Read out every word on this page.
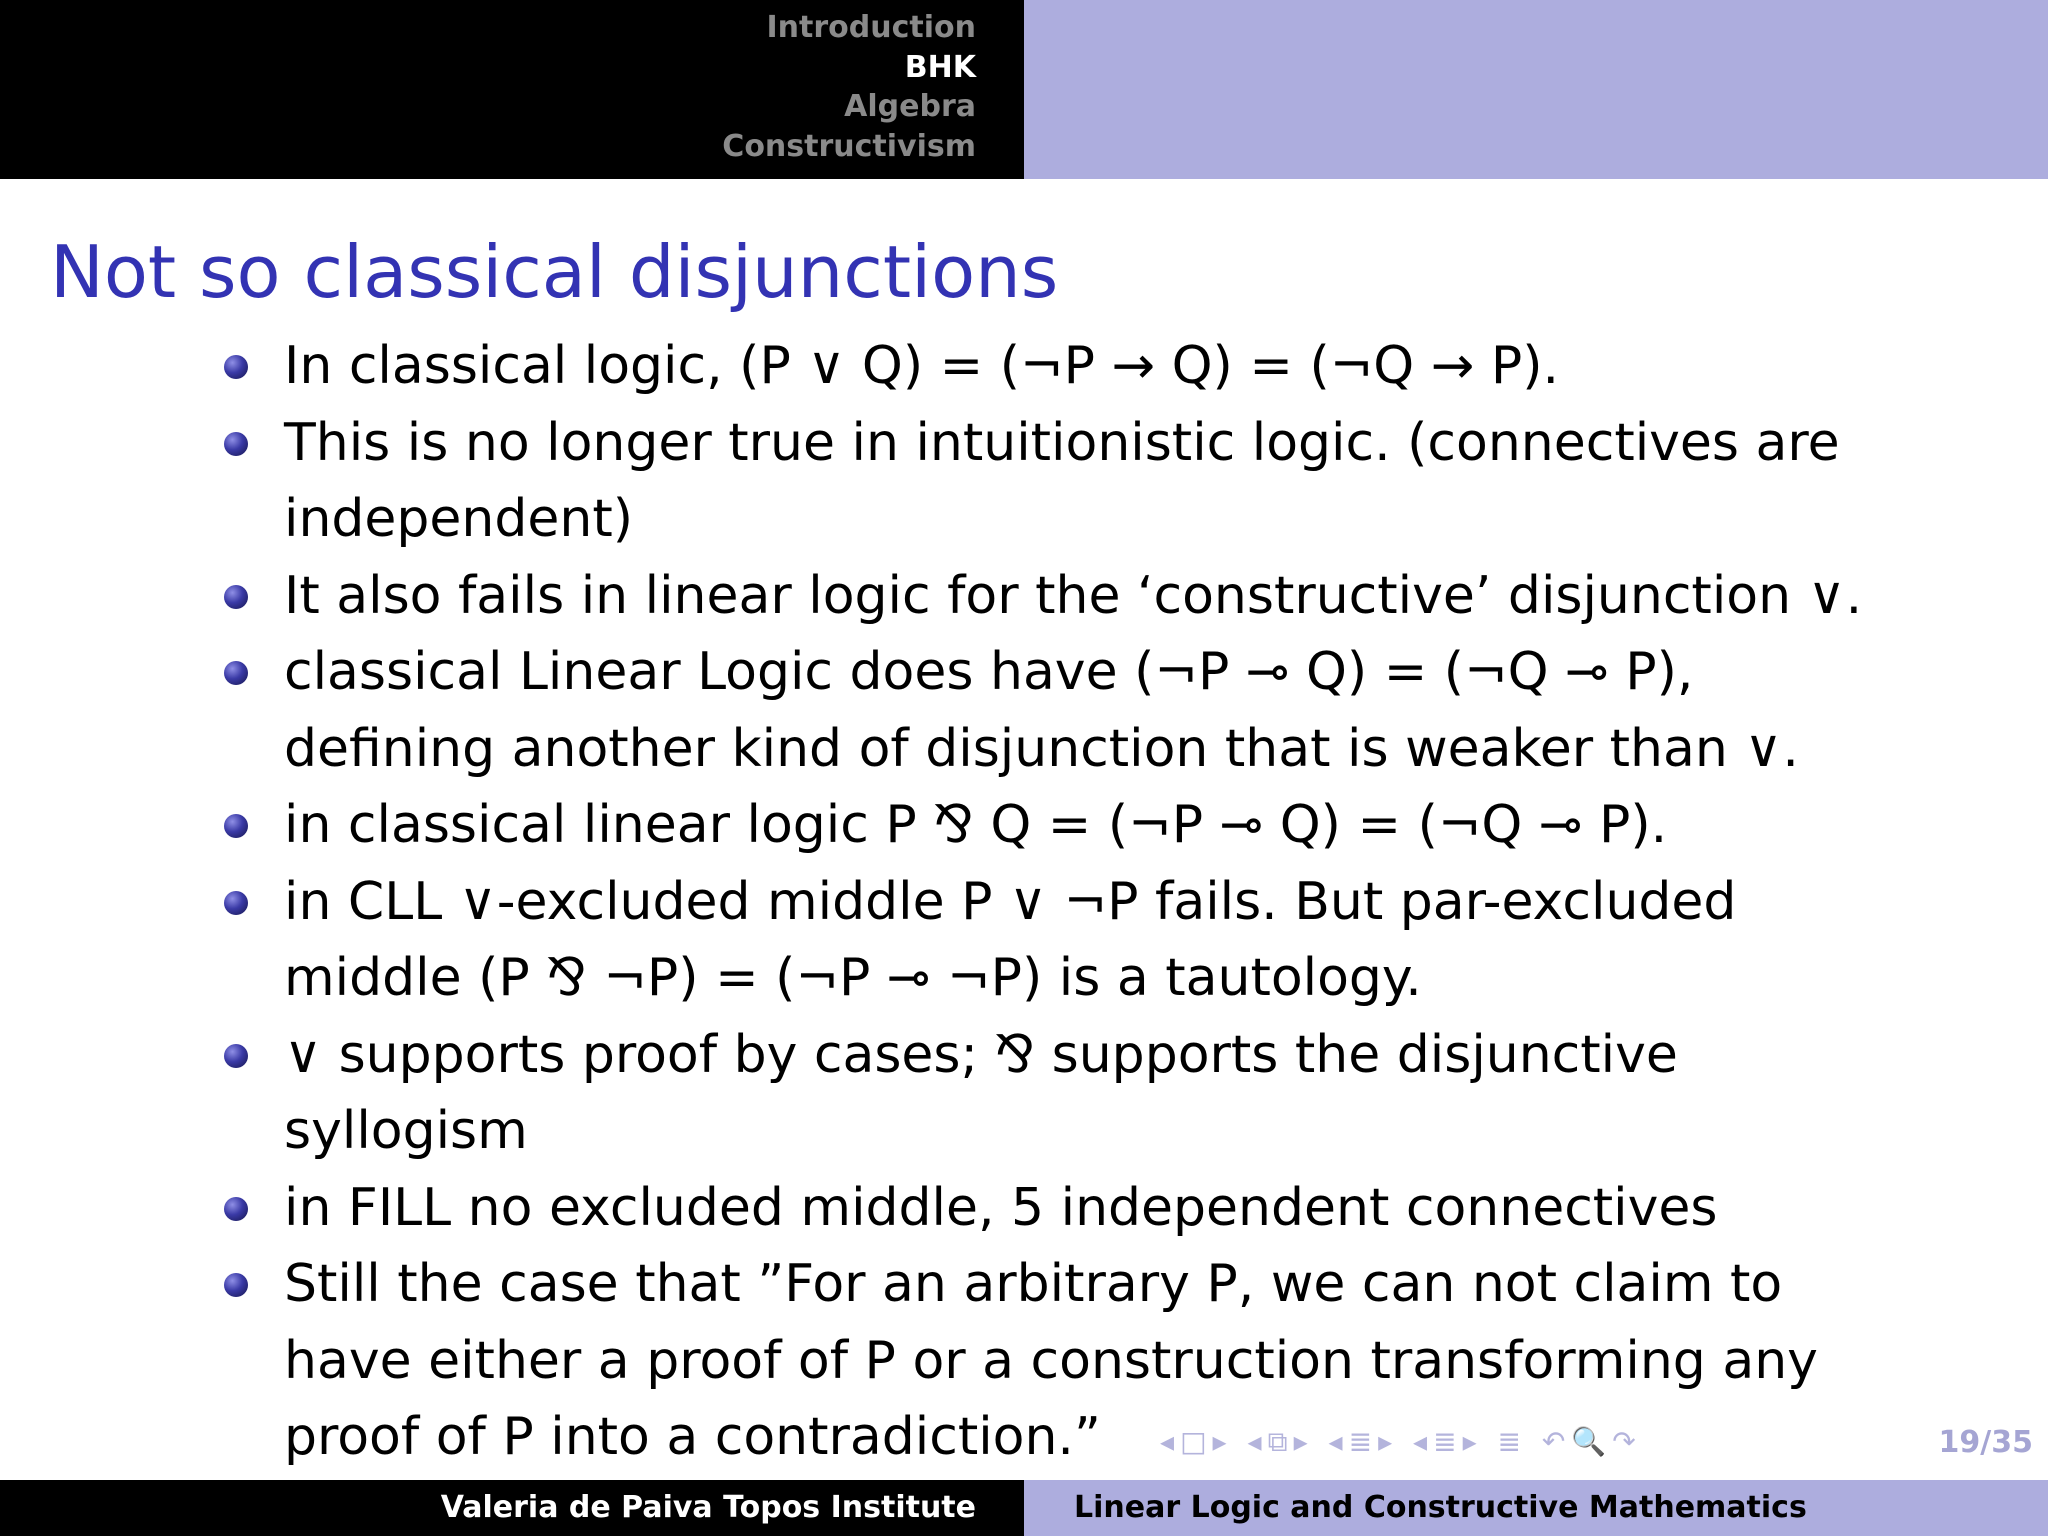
Introduction
BHK
Algebra
Constructivism
Not so classical disjunctions
In classical logic, (P ∨ Q) = (¬P → Q) = (¬Q → P).
This is no longer true in intuitionistic logic. (connectives are independent)
It also fails in linear logic for the ‘constructive’ disjunction ∨.
classical Linear Logic does have (¬P ⊸ Q) = (¬Q ⊸ P), defining another kind of disjunction that is weaker than ∨.
in classical linear logic P ⅋ Q = (¬P ⊸ Q) = (¬Q ⊸ P).
in CLL ∨-excluded middle P ∨ ¬P fails. But par-excluded middle (P ⅋ ¬P) = (¬P ⊸ ¬P) is a tautology.
∨ supports proof by cases; ⅋ supports the disjunctive syllogism
in FILL no excluded middle, 5 independent connectives
Still the case that ”For an arbitrary P, we can not claim to have either a proof of P or a construction transforming any proof of P into a contradiction.”	◂□▸ ◂⧉▸ ◂≣▸ ◂≣▸ ≣ ↶🔍↷	19/35
Valeria de Paiva Topos Institute	Linear Logic and Constructive Mathematics
